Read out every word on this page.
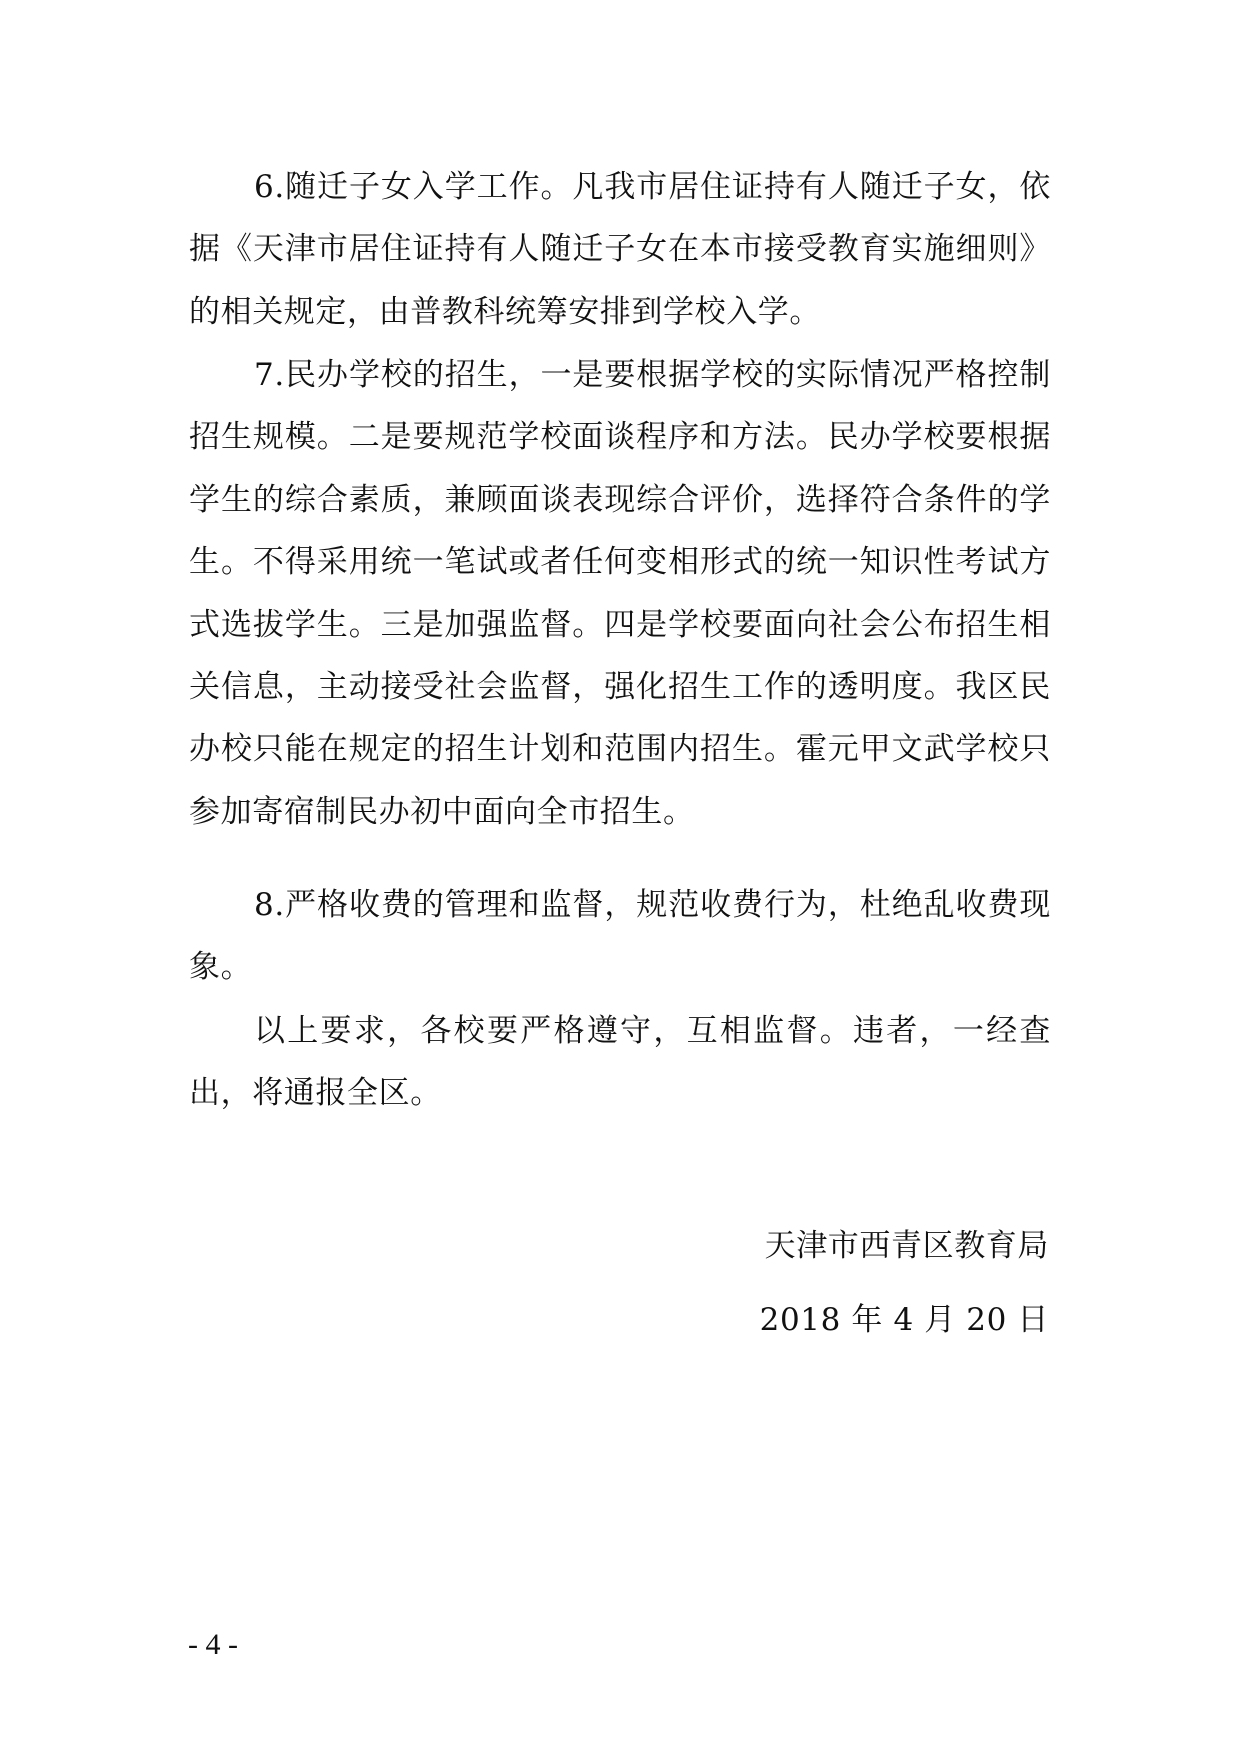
6.随迁子女入学工作。凡我市居住证持有人随迁子女，依据《天津市居住证持有人随迁子女在本市接受教育实施细则》的相关规定，由普教科统筹安排到学校入学。

7.民办学校的招生，一是要根据学校的实际情况严格控制招生规模。二是要规范学校面谈程序和方法。民办学校要根据学生的综合素质，兼顾面谈表现综合评价，选择符合条件的学生。不得采用统一笔试或者任何变相形式的统一知识性考试方式选拔学生。三是加强监督。四是学校要面向社会公布招生相关信息，主动接受社会监督，强化招生工作的透明度。我区民办校只能在规定的招生计划和范围内招生。霍元甲文武学校只参加寄宿制民办初中面向全市招生。

8.严格收费的管理和监督，规范收费行为，杜绝乱收费现象。

以上要求，各校要严格遵守，互相监督。违者，一经查出，将通报全区。

天津市西青区教育局
2018 年 4 月 20 日
- 4 -
